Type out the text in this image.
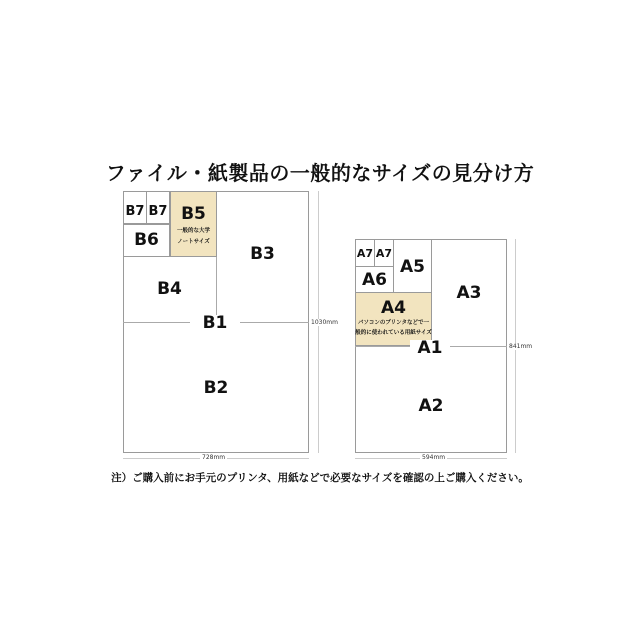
ファイル・紙製品の一般的なサイズの見分け方
B7 B7
B6
B5
一般的な大学
ノートサイズ
B4
B3
B1
B2
728mm
1030mm
A7 A7
A6
A5
A4
パソコンのプリンタなどで一
般的に使われている用紙サイズ
A3
A1
A2
594mm
841mm
注）ご購入前にお手元のプリンタ、用紙などで必要なサイズを確認の上ご購入ください。
